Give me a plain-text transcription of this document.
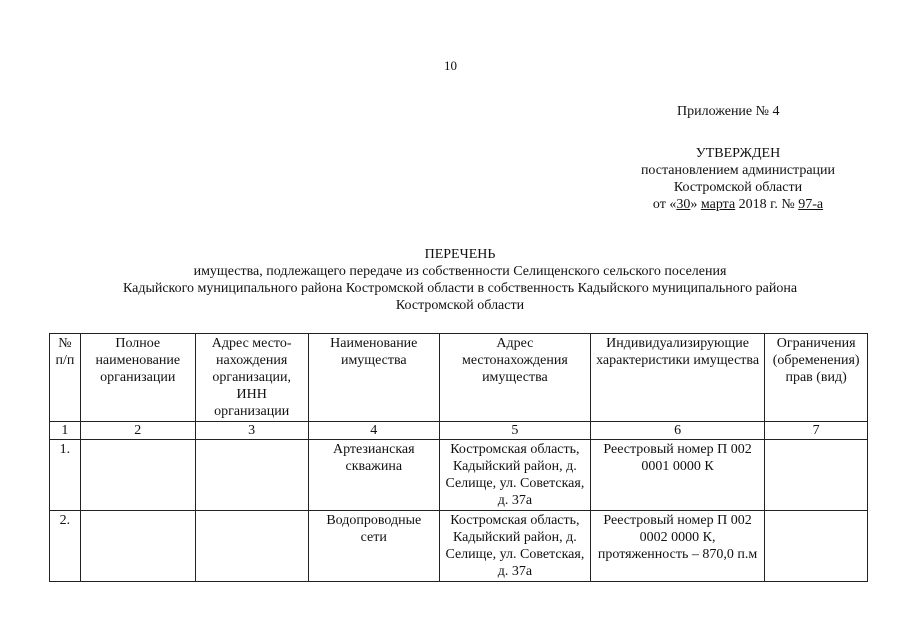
10
Приложение № 4
УТВЕРЖДЕН
постановлением администрации
Костромской области
от «30» марта 2018 г. № 97-а
ПЕРЕЧЕНЬ
имущества, подлежащего передаче из собственности Селищенского сельского поселения
Кадыйского муниципального района Костромской области в собственность Кадыйского муниципального района
Костромской области
№ п/п	Полное наименование организации	Адрес место-нахождения организации, ИНН организации	Наименование имущества	Адрес местонахождения имущества	Индивидуализирующие характеристики имущества	Ограничения (обременения) прав (вид)
1	2	3	4	5	6	7
1.			Артезианская скважина	Костромская область, Кадыйский район, д. Селище, ул. Советская, д. 37а	Реестровый номер П 002 0001 0000 К	
2.			Водопроводные сети	Костромская область, Кадыйский район, д. Селище, ул. Советская, д. 37а	Реестровый номер П 002 0002 0000 К, протяженность – 870,0 п.м	
